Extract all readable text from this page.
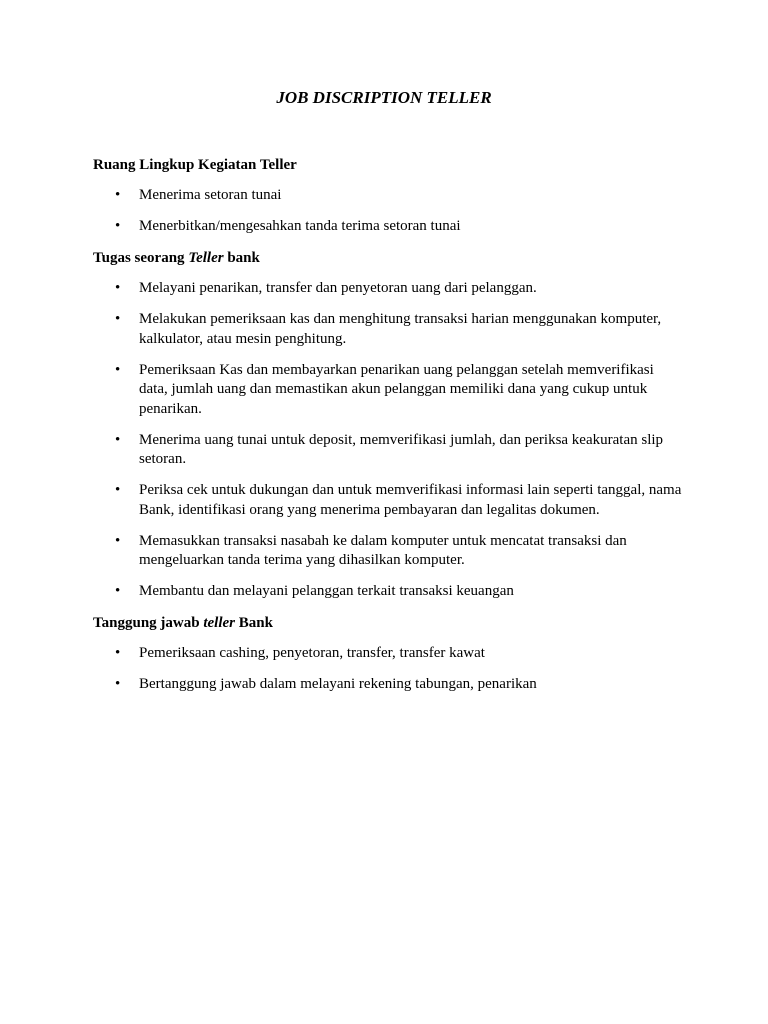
JOB DISCRIPTION TELLER

Ruang Lingkup Kegiatan Teller

• Menerima setoran tunai
• Menerbitkan/mengesahkan tanda terima setoran tunai

Tugas seorang Teller bank

• Melayani penarikan, transfer dan penyetoran uang dari pelanggan.
• Melakukan pemeriksaan kas dan menghitung transaksi harian menggunakan komputer, kalkulator, atau mesin penghitung.
• Pemeriksaan Kas dan membayarkan penarikan uang pelanggan setelah memverifikasi data, jumlah uang dan memastikan akun pelanggan memiliki dana yang cukup untuk penarikan.
• Menerima uang tunai untuk deposit, memverifikasi jumlah, dan periksa keakuratan slip setoran.
• Periksa cek untuk dukungan dan untuk memverifikasi informasi lain seperti tanggal, nama Bank, identifikasi orang yang menerima pembayaran dan legalitas dokumen.
• Memasukkan transaksi nasabah ke dalam komputer untuk mencatat transaksi dan mengeluarkan tanda terima yang dihasilkan komputer.
• Membantu dan melayani pelanggan terkait transaksi keuangan

Tanggung jawab teller Bank

• Pemeriksaan cashing, penyetoran, transfer, transfer kawat
• Bertanggung jawab dalam melayani rekening tabungan, penarikan
